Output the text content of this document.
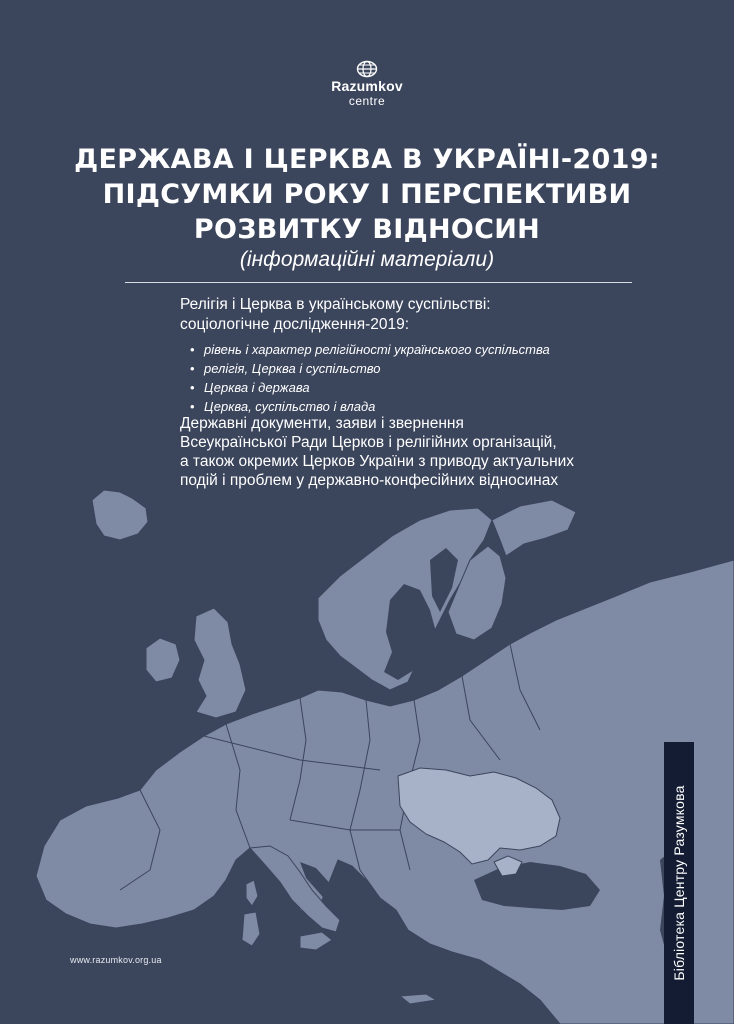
Razumkov
centre
ДЕРЖАВА І ЦЕРКВА В УКРАЇНІ-2019:
ПІДСУМКИ РОКУ І ПЕРСПЕКТИВИ
РОЗВИТКУ ВІДНОСИН
(інформаційні матеріали)
Релігія і Церква в українському суспільстві:
соціологічне дослідження-2019:
• рівень і характер релігійності українського суспільства
• релігія, Церква і суспільство
• Церква і держава
• Церква, суспільство і влада
Державні документи, заяви і звернення
Всеукраїнської Ради Церков і релігійних організацій,
а також окремих Церков України з приводу актуальних
подій і проблем у державно-конфесійних відносинах
www.razumkov.org.ua	Бібліотека Центру Разумкова
